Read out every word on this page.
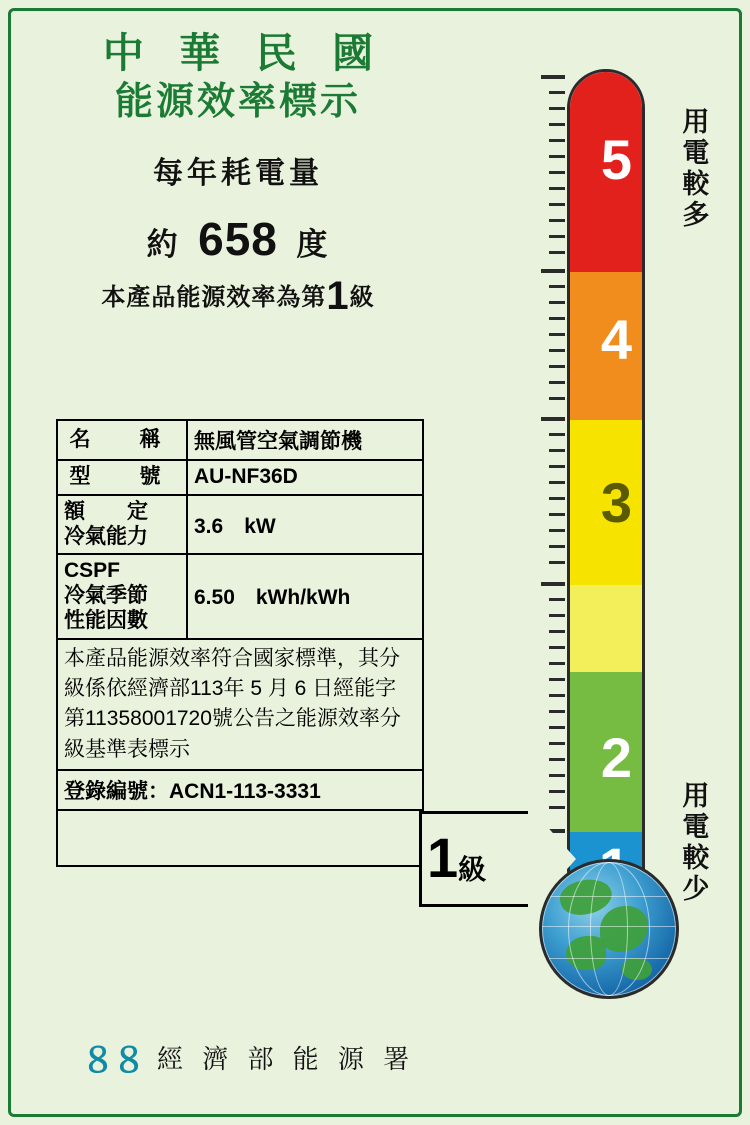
中 華 民 國
能源效率標示
每年耗電量
約 658 度
本產品能源效率為第1級
名　稱	無風管空氣調節機
型　號	AU-NF36D

額　　定
冷氣能力	3.6　kW

CSPF
冷氣季節
性能因數	6.50　kWh/kWh
本產品能源效率符合國家標準，其分級係依經濟部113年 5 月 6 日經能字第11358001720號公告之能源效率分級基準表標示	
登錄編號：ACN1-113-3331	

８８ 經 濟 部 能 源 署
5
4
3
2
用電較多
用電較少
1級
